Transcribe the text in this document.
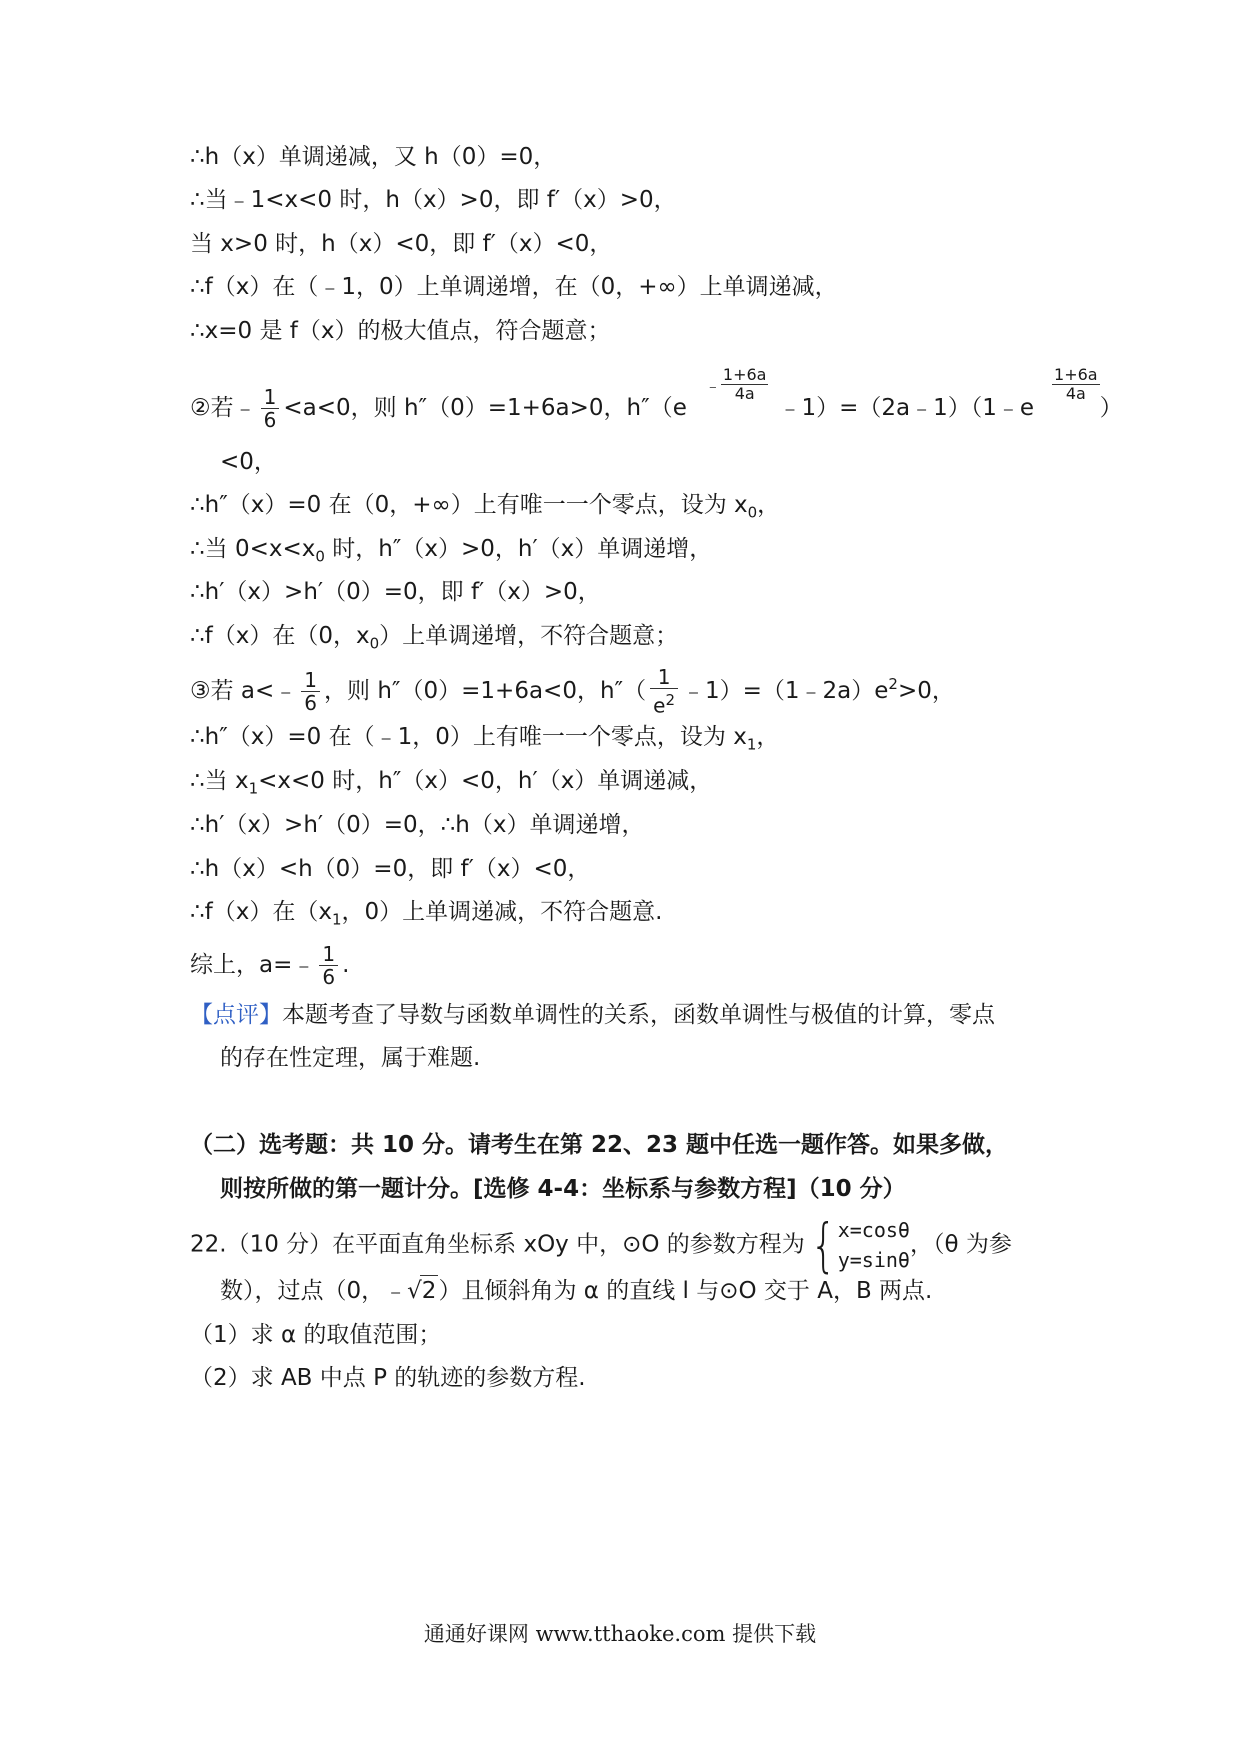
∴h（x）单调递减，又 h（0）=0，
∴当﹣1<x<0 时，h（x）>0，即 f′（x）>0，
当 x>0 时，h（x）<0，即 f′（x）<0，
∴f（x）在（﹣1，0）上单调递增，在（0，+∞）上单调递减，
∴x=0 是 f（x）的极大值点，符合题意；
②若﹣ $\frac{1}{6} <a<0$，则 h″（0）=1+6a>0，$h''(e^﹣ \frac{1+6a}{4a}$
﹣1）=（2a﹣1）（1﹣e
$\frac{1+6a}{4a}$
）
<0，
∴h″（x）=0 在（0，+∞）上有唯一一个零点，设为 $x_0$，
∴当 $0<x<x_0$ 时，h″（x）>0，h′（x）单调递增，
∴h′（x）>h′（0）=0，即 f′（x）>0，
∴f（x）在（0，$x_0$）上单调递增，不符合题意；
③若 a<﹣ $\frac{1}{6}$ ，则 h″（0）=1+6a<0，$h''( \frac{1}{e^2}$ $﹣1)=(1﹣2a)e^2>0$，
∴h″（x）=0 在（﹣1，0）上有唯一一个零点，设为 $x_1$，
∴当 $x_1<x<0$ 时，h″（x）<0，h′（x）单调递减，
∴h′（x）>h′（0）=0，∴h（x）单调递增，
∴h（x）<h（0）=0，即 f′（x）<0，
∴f（x）在（$x_1$，0）上单调递减，不符合题意.
综上，a=﹣ $\frac{1}{6}$ .
【点评】本题考查了导数与函数单调性的关系，函数单调性与极值的计算，零点
的存在性定理，属于难题.
（二）选考题：共 10 分。请考生在第 22、23 题中任选一题作答。如果多做，
则按所做的第一题计分。[选修 4-4：坐标系与参数方程]（10 分）
22.（10 分）在平面直角坐标系 xOy 中，⊙O 的参数方程为{ x=cosθ
y=sinθ
，（θ 为参
数），过点（0，﹣√2）且倾斜角为 α 的直线 l 与⊙O 交于 A，B 两点.
（1）求 α 的取值范围；
（2）求 AB 中点 P 的轨迹的参数方程.
通通好课网 www.tthaoke.com 提供下载
